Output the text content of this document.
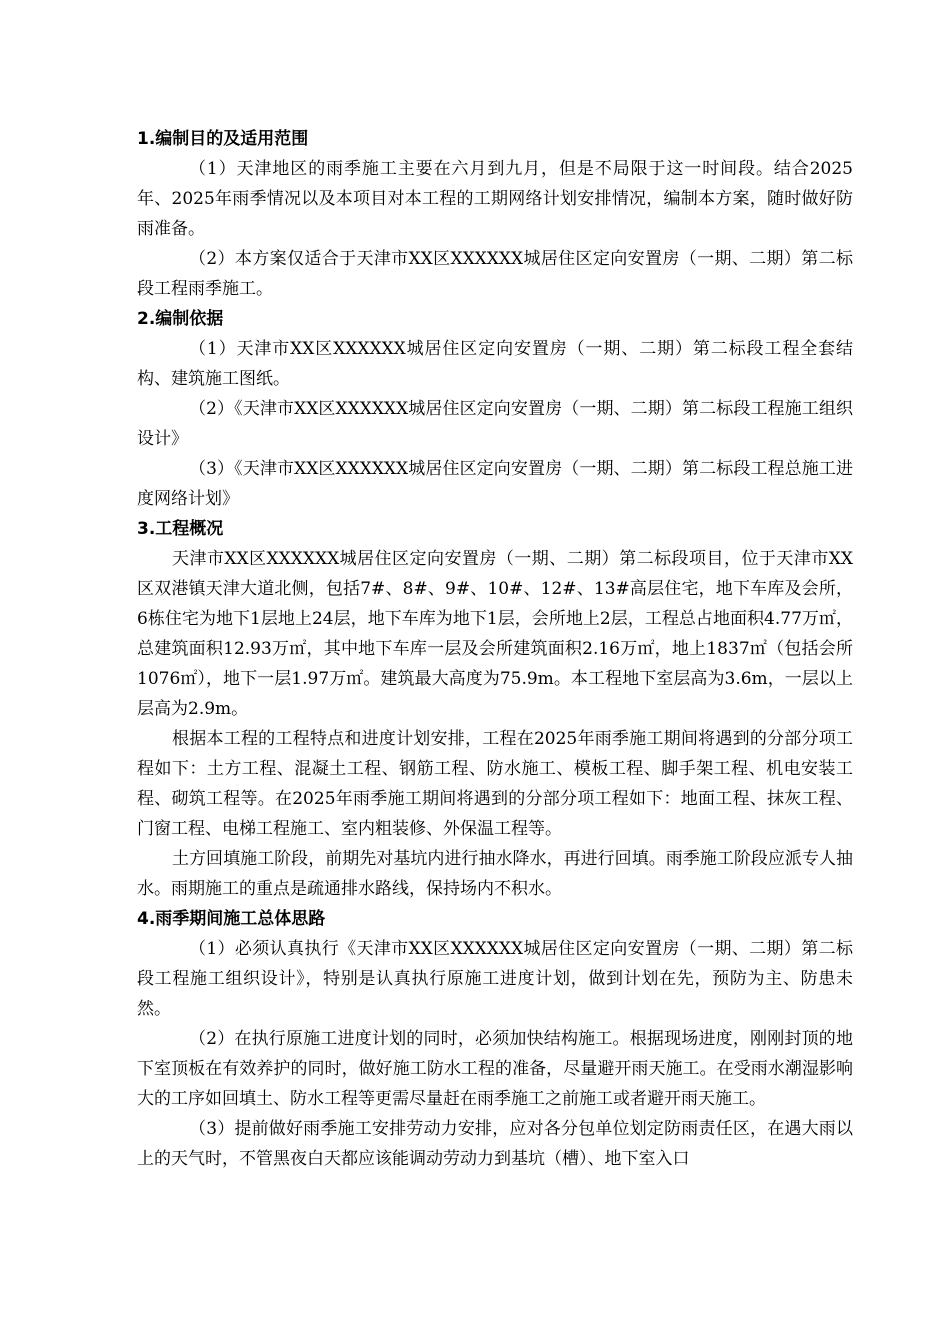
1.编制目的及适用范围

（1）天津地区的雨季施工主要在六月到九月，但是不局限于这一时间段。结合2025年、2025年雨季情况以及本项目对本工程的工期网络计划安排情况，编制本方案，随时做好防雨准备。

（2）本方案仅适合于天津市XX区XXXXXX城居住区定向安置房（一期、二期）第二标段工程雨季施工。

2.编制依据

（1）天津市XX区XXXXXX城居住区定向安置房（一期、二期）第二标段工程全套结构、建筑施工图纸。

（2）《天津市XX区XXXXXX城居住区定向安置房（一期、二期）第二标段工程施工组织设计》

（3）《天津市XX区XXXXXX城居住区定向安置房（一期、二期）第二标段工程总施工进度网络计划》

3.工程概况

天津市XX区XXXXXX城居住区定向安置房（一期、二期）第二标段项目，位于天津市XX区双港镇天津大道北侧，包括7#、8#、9#、10#、12#、13#高层住宅，地下车库及会所，6栋住宅为地下1层地上24层，地下车库为地下1层，会所地上2层，工程总占地面积4.77万㎡，总建筑面积12.93万㎡，其中地下车库一层及会所建筑面积2.16万㎡，地上1837㎡（包括会所1076㎡），地下一层1.97万㎡。建筑最大高度为75.9m。本工程地下室层高为3.6m，一层以上层高为2.9m。

根据本工程的工程特点和进度计划安排，工程在2025年雨季施工期间将遇到的分部分项工程如下：土方工程、混凝土工程、钢筋工程、防水施工、模板工程、脚手架工程、机电安装工程、砌筑工程等。在2025年雨季施工期间将遇到的分部分项工程如下：地面工程、抹灰工程、门窗工程、电梯工程施工、室内粗装修、外保温工程等。

土方回填施工阶段，前期先对基坑内进行抽水降水，再进行回填。雨季施工阶段应派专人抽水。雨期施工的重点是疏通排水路线，保持场内不积水。

4.雨季期间施工总体思路

（1）必须认真执行《天津市XX区XXXXXX城居住区定向安置房（一期、二期）第二标段工程施工组织设计》，特别是认真执行原施工进度计划，做到计划在先，预防为主、防患未然。

（2）在执行原施工进度计划的同时，必须加快结构施工。根据现场进度，刚刚封顶的地下室顶板在有效养护的同时，做好施工防水工程的准备，尽量避开雨天施工。在受雨水潮湿影响大的工序如回填土、防水工程等更需尽量赶在雨季施工之前施工或者避开雨天施工。

（3）提前做好雨季施工安排劳动力安排，应对各分包单位划定防雨责任区，在遇大雨以上的天气时，不管黑夜白天都应该能调动劳动力到基坑（槽）、地下室入口
